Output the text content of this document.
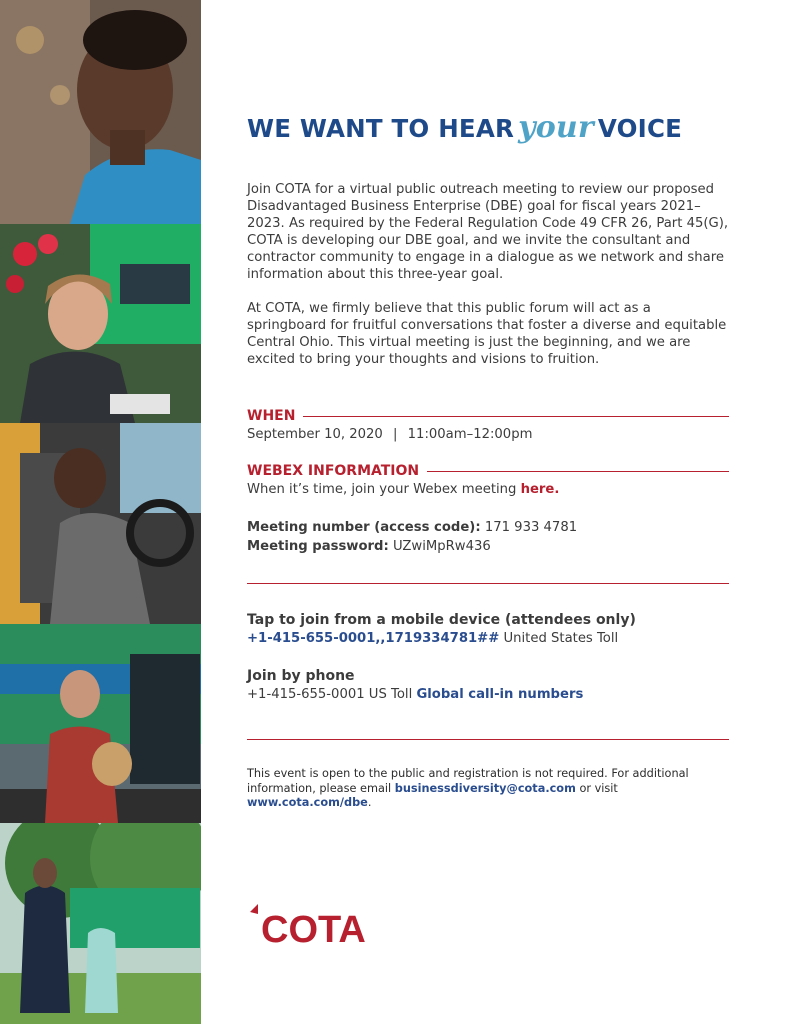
WE WANT TO HEAR your VOICE

Join COTA for a virtual public outreach meeting to review our proposed Disadvantaged Business Enterprise (DBE) goal for fiscal years 2021–2023. As required by the Federal Regulation Code 49 CFR 26, Part 45(G), COTA is developing our DBE goal, and we invite the consultant and contractor community to engage in a dialogue as we network and share information about this three-year goal.

At COTA, we firmly believe that this public forum will act as a springboard for fruitful conversations that foster a diverse and equitable Central Ohio. This virtual meeting is just the beginning, and we are excited to bring your thoughts and visions to fruition.

WHEN
September 10, 2020 | 11:00am–12:00pm
WEBEX INFORMATION
When it’s time, join your Webex meeting here.
Meeting number (access code): 171 933 4781
Meeting password: UZwiMpRw436
Tap to join from a mobile device (attendees only)
+1-415-655-0001,,1719334781## United States Toll
Join by phone
+1-415-655-0001 US Toll Global call-in numbers

This event is open to the public and registration is not required. For additional information, please email businessdiversity@cota.com or visit www.cota.com/dbe.

COTA
